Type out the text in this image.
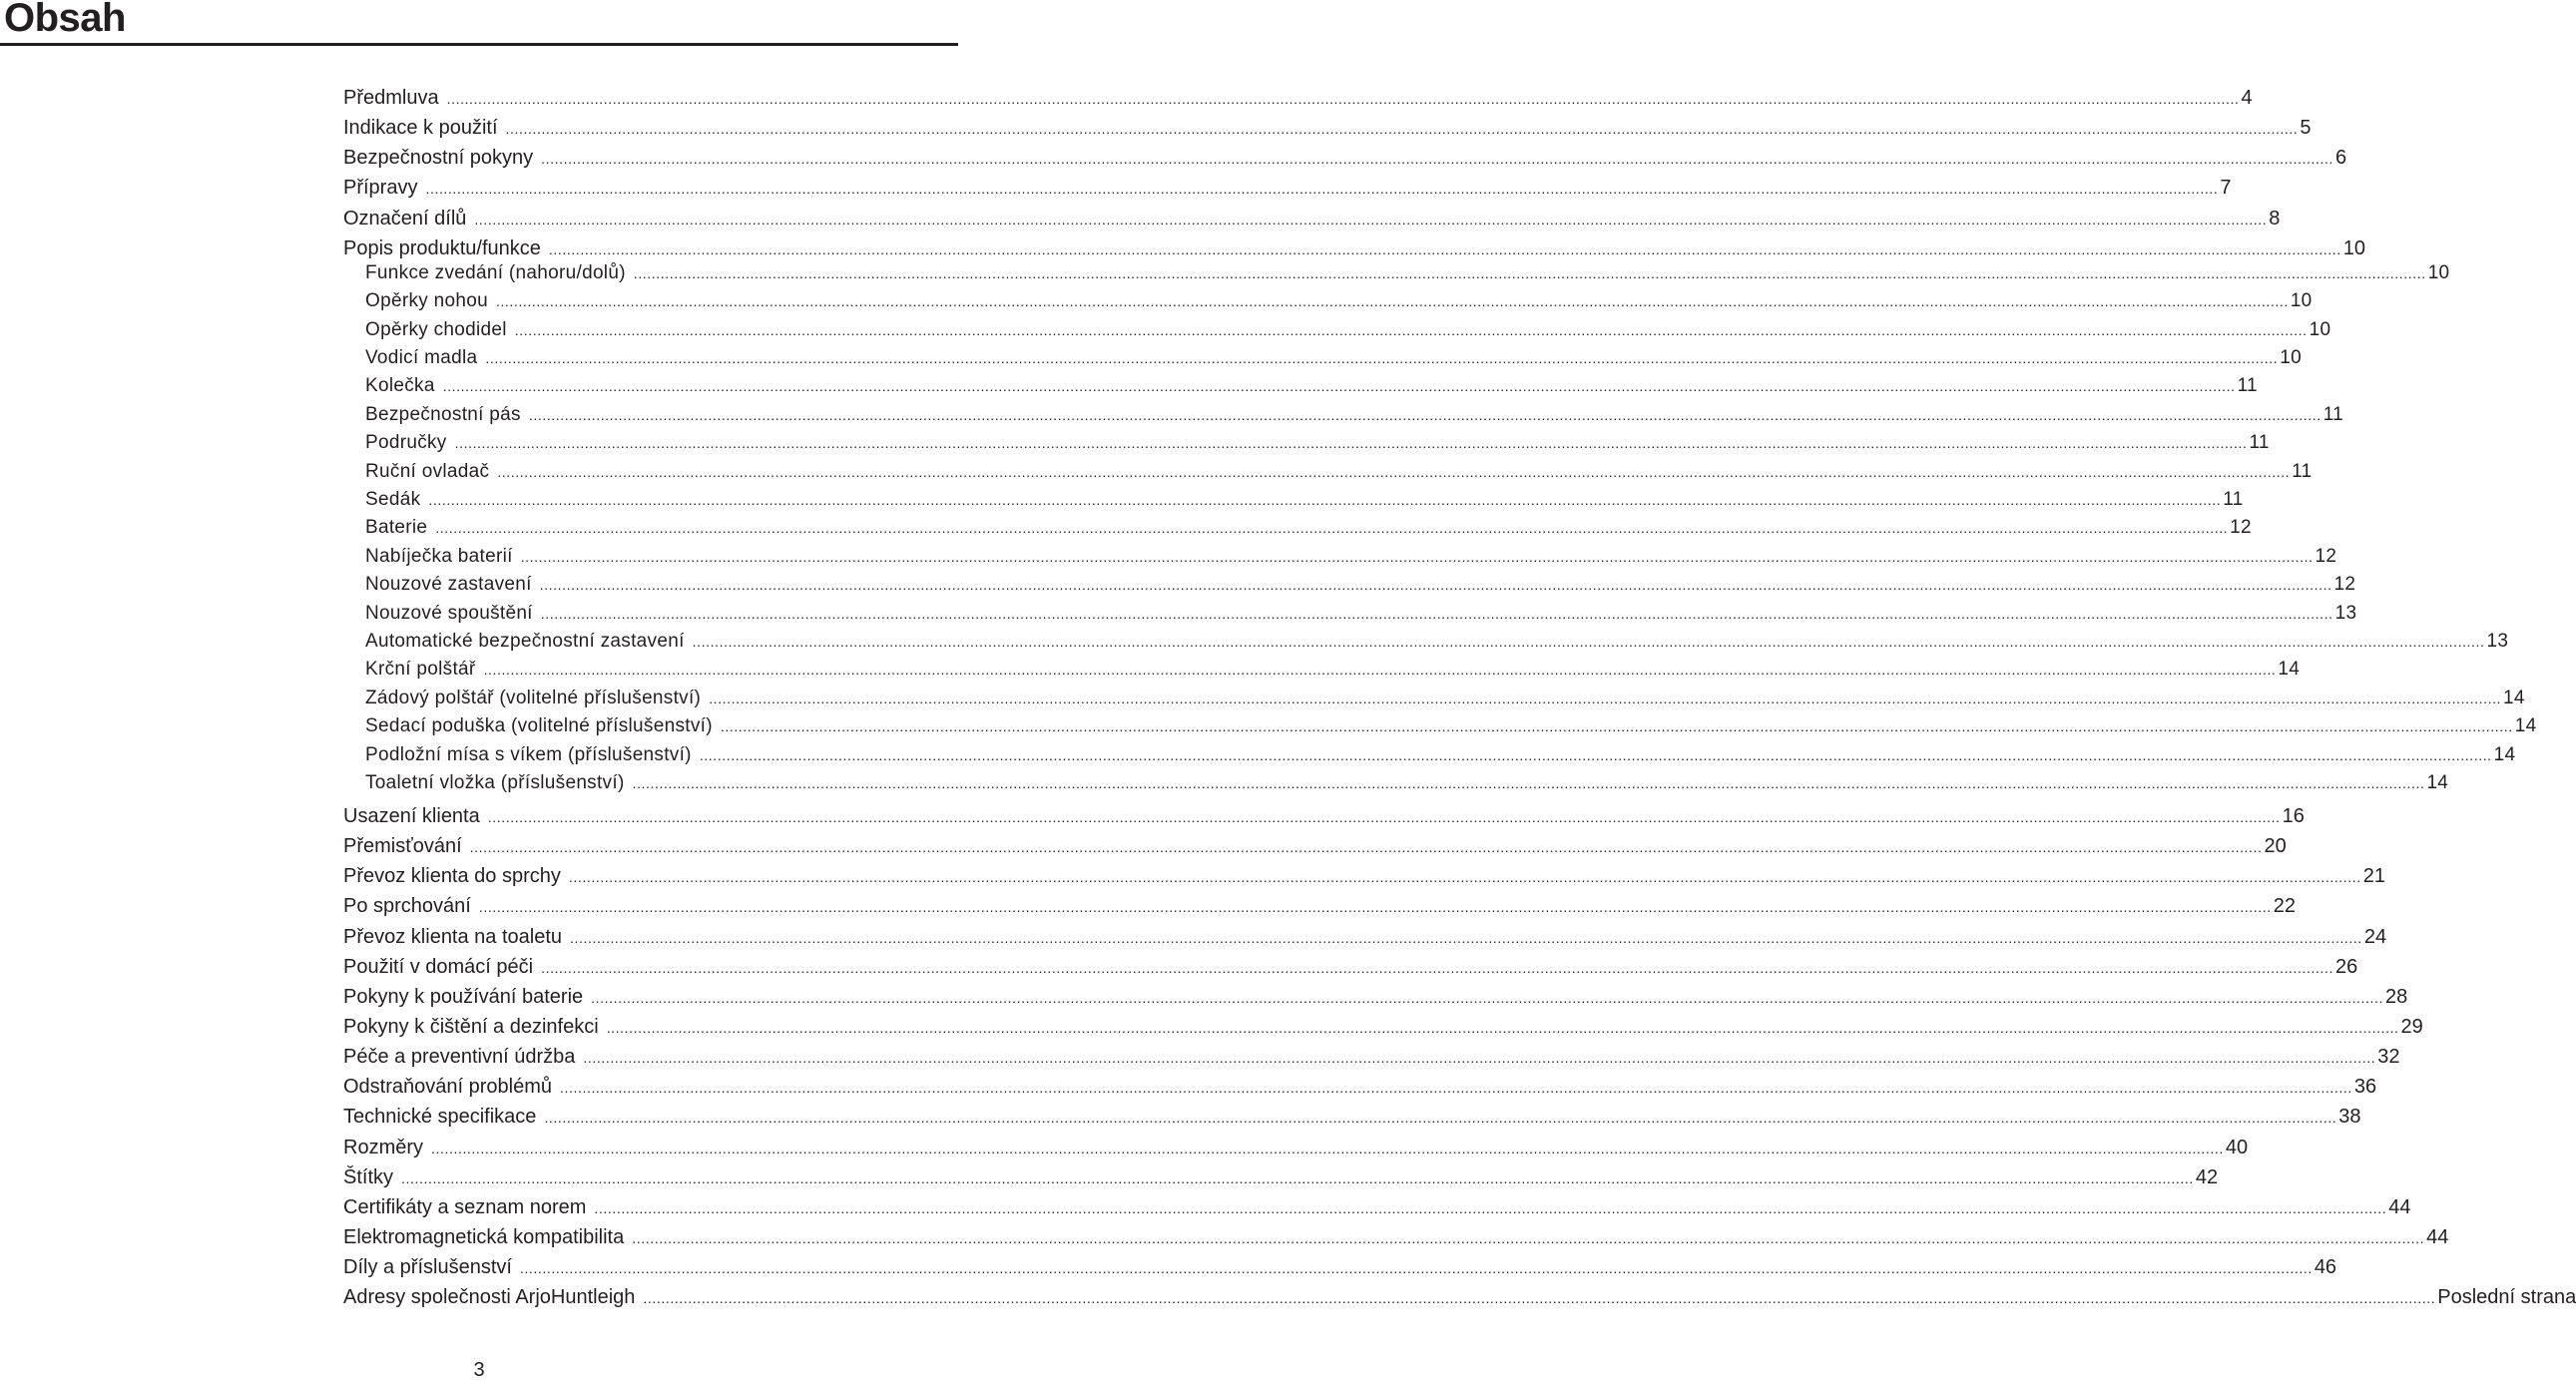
Obsah
Předmluva ................................................................................................................................................................................................................................................................................................................................................................................................................ 4
Indikace k použití ................................................................................................................................................................................................................................................................................................................................................................................................................ 5
Bezpečnostní pokyny ................................................................................................................................................................................................................................................................................................................................................................................................................ 6
Přípravy ................................................................................................................................................................................................................................................................................................................................................................................................................ 7
Označení dílů ................................................................................................................................................................................................................................................................................................................................................................................................................ 8
Popis produktu/funkce ................................................................................................................................................................................................................................................................................................................................................................................................................ 10
Funkce zvedání (nahoru/dolů) ................................................................................................................................................................................................................................................................................................................................................................................................................ 10
Opěrky nohou ................................................................................................................................................................................................................................................................................................................................................................................................................ 10
Opěrky chodidel ................................................................................................................................................................................................................................................................................................................................................................................................................ 10
Vodicí madla ................................................................................................................................................................................................................................................................................................................................................................................................................ 10
Kolečka ................................................................................................................................................................................................................................................................................................................................................................................................................ 11
Bezpečnostní pás ................................................................................................................................................................................................................................................................................................................................................................................................................ 11
Područky ................................................................................................................................................................................................................................................................................................................................................................................................................ 11
Ruční ovladač ................................................................................................................................................................................................................................................................................................................................................................................................................ 11
Sedák ................................................................................................................................................................................................................................................................................................................................................................................................................ 11
Baterie ................................................................................................................................................................................................................................................................................................................................................................................................................ 12
Nabíječka baterií ................................................................................................................................................................................................................................................................................................................................................................................................................ 12
Nouzové zastavení ................................................................................................................................................................................................................................................................................................................................................................................................................ 12
Nouzové spouštění ................................................................................................................................................................................................................................................................................................................................................................................................................ 13
Automatické bezpečnostní zastavení ................................................................................................................................................................................................................................................................................................................................................................................................................ 13
Krční polštář ................................................................................................................................................................................................................................................................................................................................................................................................................ 14
Zádový polštář (volitelné příslušenství) ................................................................................................................................................................................................................................................................................................................................................................................................................ 14
Sedací poduška (volitelné příslušenství) ................................................................................................................................................................................................................................................................................................................................................................................................................ 14
Podložní mísa s víkem (příslušenství) ................................................................................................................................................................................................................................................................................................................................................................................................................ 14
Toaletní vložka (příslušenství) ................................................................................................................................................................................................................................................................................................................................................................................................................ 14
Usazení klienta ................................................................................................................................................................................................................................................................................................................................................................................................................ 16
Přemisťování ................................................................................................................................................................................................................................................................................................................................................................................................................ 20
Převoz klienta do sprchy ................................................................................................................................................................................................................................................................................................................................................................................................................ 21
Po sprchování ................................................................................................................................................................................................................................................................................................................................................................................................................ 22
Převoz klienta na toaletu ................................................................................................................................................................................................................................................................................................................................................................................................................ 24
Použití v domácí péči ................................................................................................................................................................................................................................................................................................................................................................................................................ 26
Pokyny k používání baterie ................................................................................................................................................................................................................................................................................................................................................................................................................ 28
Pokyny k čištění a dezinfekci ................................................................................................................................................................................................................................................................................................................................................................................................................ 29
Péče a preventivní údržba ................................................................................................................................................................................................................................................................................................................................................................................................................ 32
Odstraňování problémů ................................................................................................................................................................................................................................................................................................................................................................................................................ 36
Technické specifikace ................................................................................................................................................................................................................................................................................................................................................................................................................ 38
Rozměry ................................................................................................................................................................................................................................................................................................................................................................................................................ 40
Štítky ................................................................................................................................................................................................................................................................................................................................................................................................................ 42
Certifikáty a seznam norem ................................................................................................................................................................................................................................................................................................................................................................................................................ 44
Elektromagnetická kompatibilita ................................................................................................................................................................................................................................................................................................................................................................................................................ 44
Díly a příslušenství ................................................................................................................................................................................................................................................................................................................................................................................................................ 46
Adresy společnosti ArjoHuntleigh ................................................................................................................................................................................................................................................................................................................................................................................................................ Poslední strana
3
